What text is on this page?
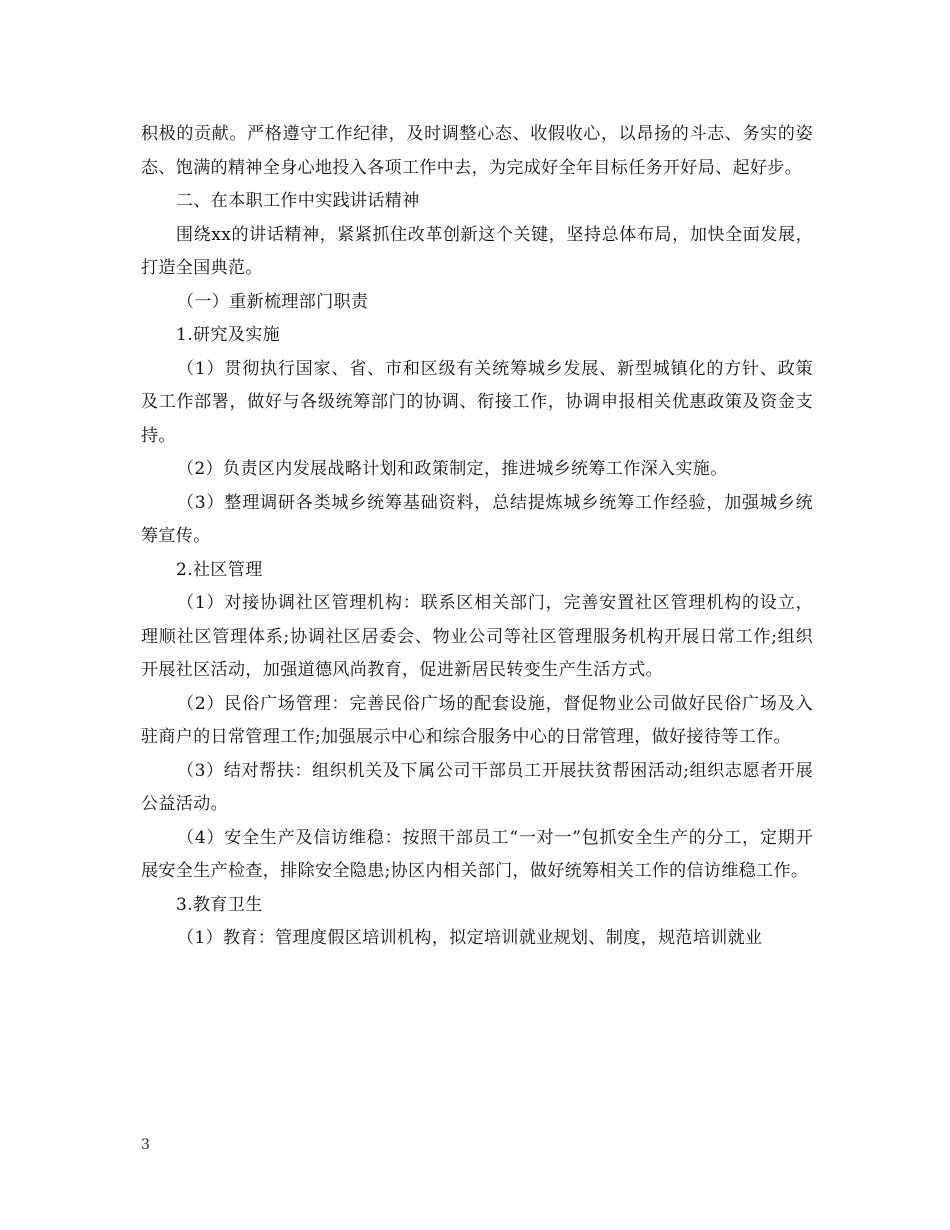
积极的贡献。严格遵守工作纪律，及时调整心态、收假收心，以昂扬的斗志、务实的姿态、饱满的精神全身心地投入各项工作中去，为完成好全年目标任务开好局、起好步。

二、在本职工作中实践讲话精神

围绕xx的讲话精神，紧紧抓住改革创新这个关键，坚持总体布局，加快全面发展，打造全国典范。

（一）重新梳理部门职责

1.研究及实施

（1）贯彻执行国家、省、市和区级有关统筹城乡发展、新型城镇化的方针、政策及工作部署，做好与各级统筹部门的协调、衔接工作，协调申报相关优惠政策及资金支持。

（2）负责区内发展战略计划和政策制定，推进城乡统筹工作深入实施。

（3）整理调研各类城乡统筹基础资料，总结提炼城乡统筹工作经验，加强城乡统筹宣传。

2.社区管理

（1）对接协调社区管理机构：联系区相关部门，完善安置社区管理机构的设立，理顺社区管理体系;协调社区居委会、物业公司等社区管理服务机构开展日常工作;组织开展社区活动，加强道德风尚教育，促进新居民转变生产生活方式。

（2）民俗广场管理：完善民俗广场的配套设施，督促物业公司做好民俗广场及入驻商户的日常管理工作;加强展示中心和综合服务中心的日常管理，做好接待等工作。

（3）结对帮扶：组织机关及下属公司干部员工开展扶贫帮困活动;组织志愿者开展公益活动。

（4）安全生产及信访维稳：按照干部员工“一对一”包抓安全生产的分工，定期开展安全生产检查，排除安全隐患;协区内相关部门，做好统筹相关工作的信访维稳工作。

3.教育卫生

（1）教育：管理度假区培训机构，拟定培训就业规划、制度，规范培训就业

3
